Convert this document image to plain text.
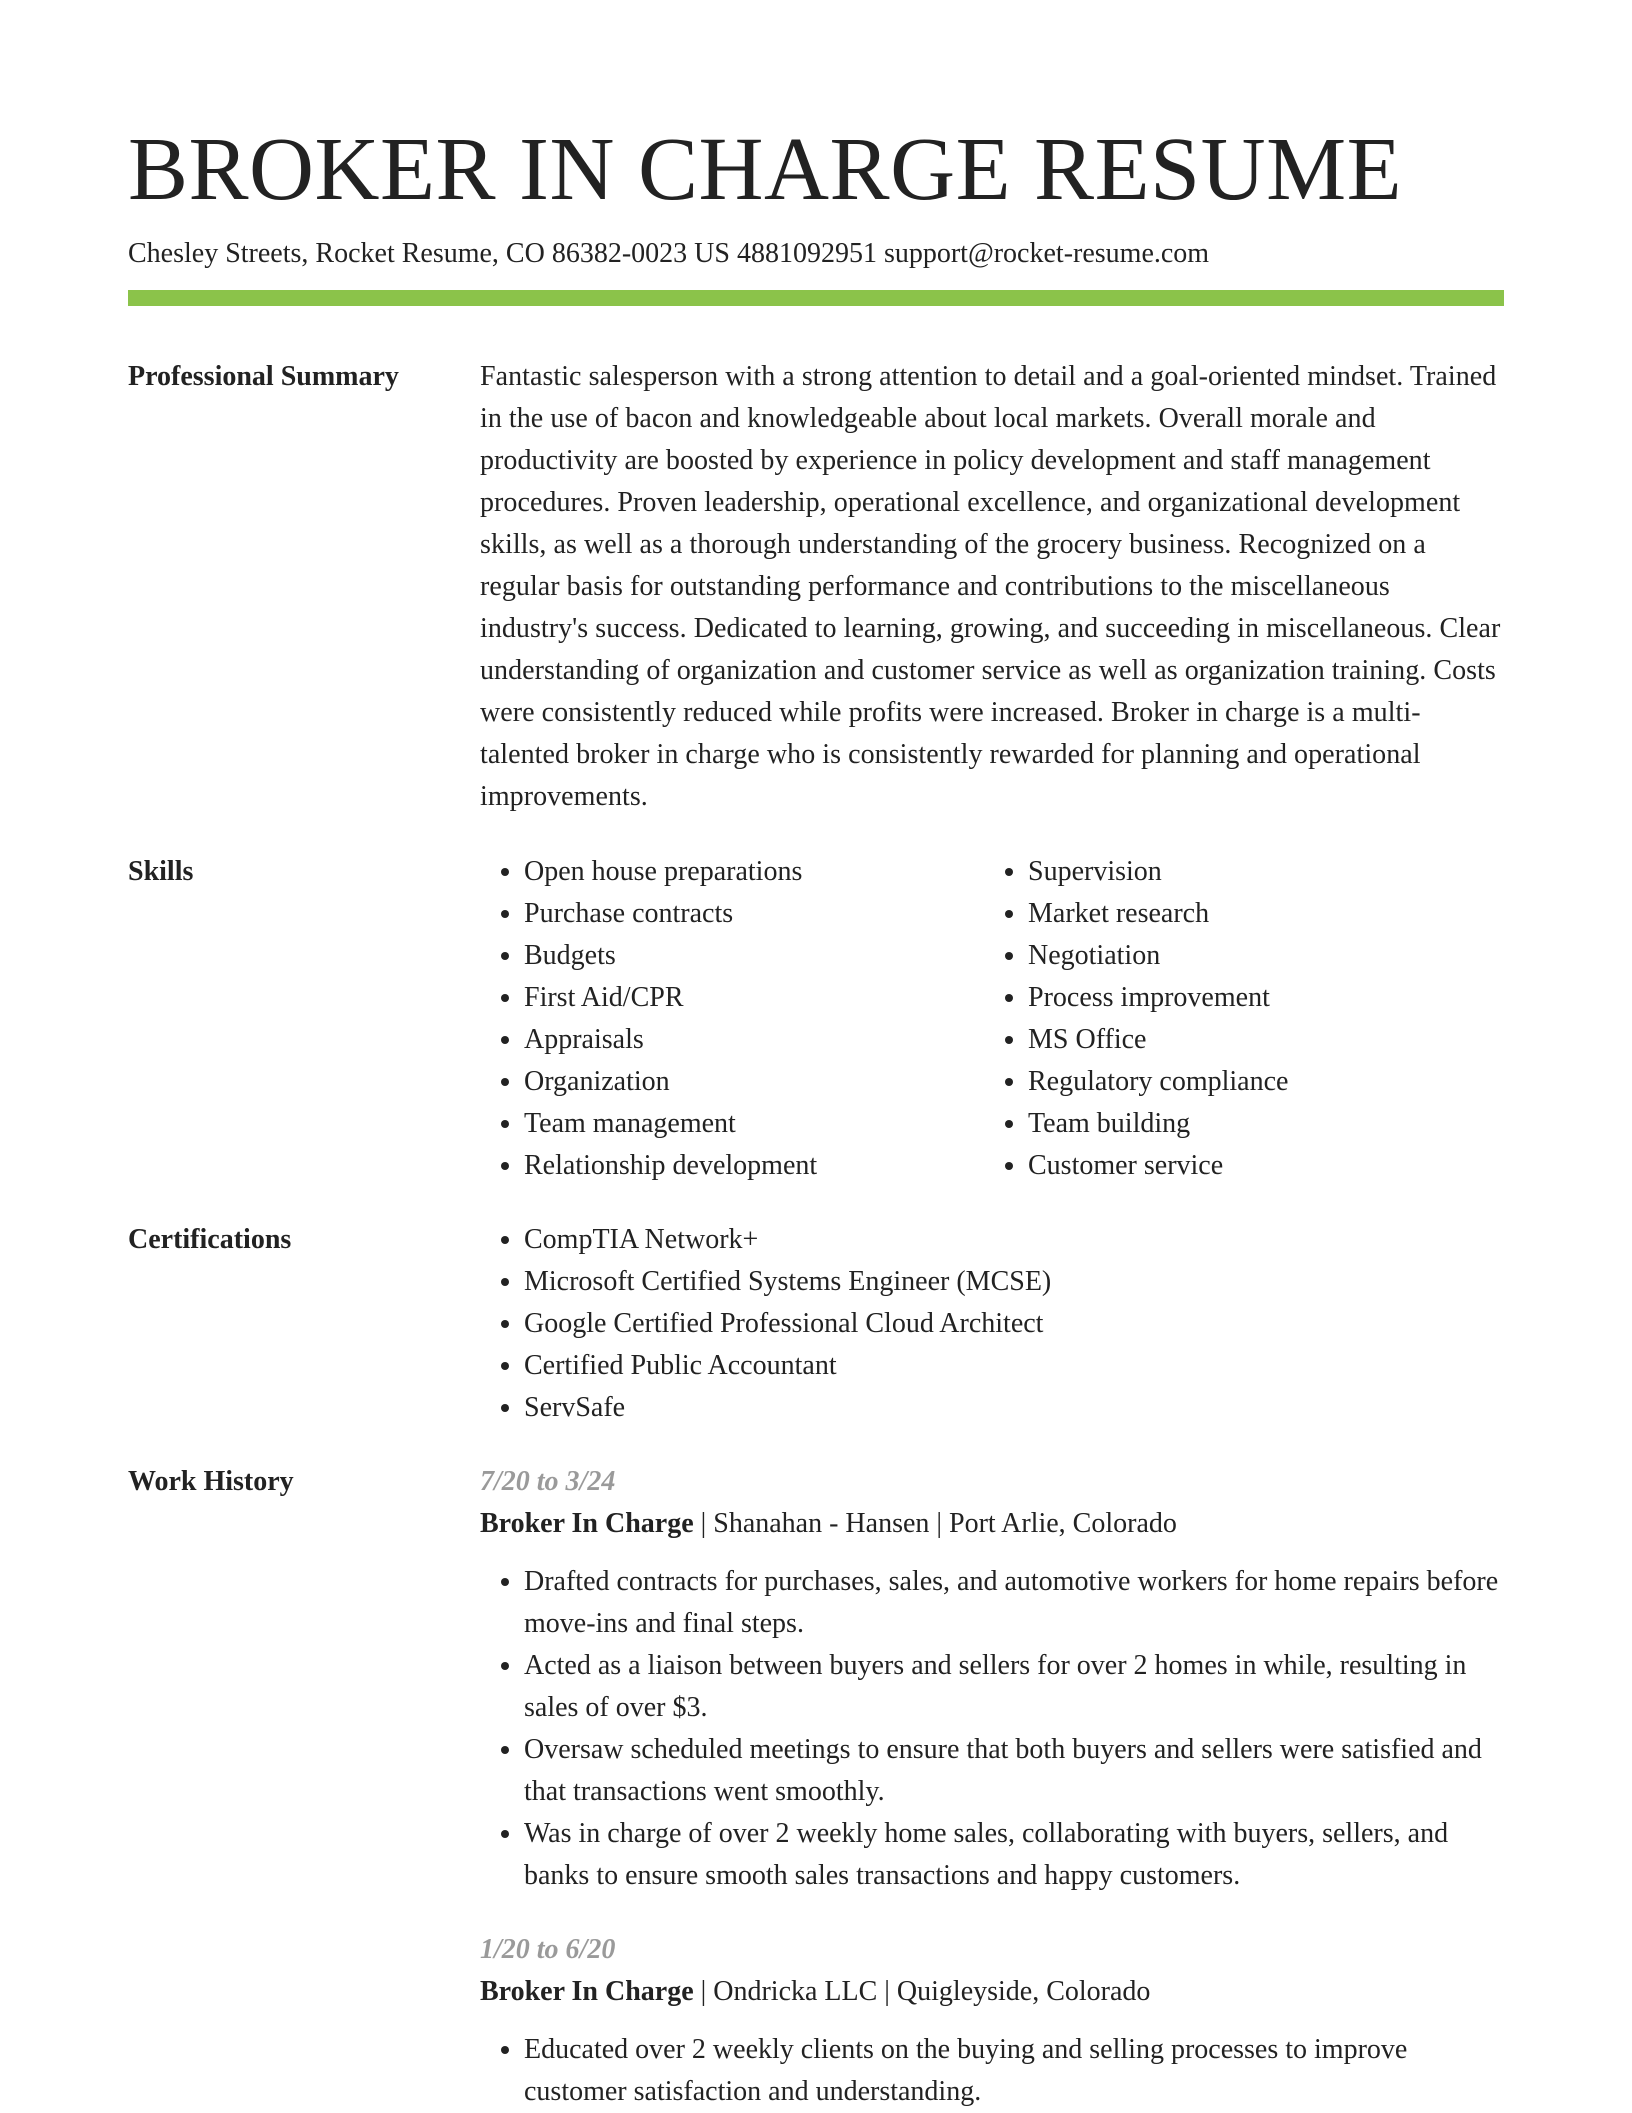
BROKER IN CHARGE RESUME
Chesley Streets, Rocket Resume, CO 86382-0023 US 4881092951 support@rocket-resume.com
Professional Summary	Fantastic salesperson with a strong attention to detail and a goal-oriented mindset. Trained in the use of bacon and knowledgeable about local markets. Overall morale and productivity are boosted by experience in policy development and staff management procedures. Proven leadership, operational excellence, and organizational development skills, as well as a thorough understanding of the grocery business. Recognized on a regular basis for outstanding performance and contributions to the miscellaneous industry's success. Dedicated to learning, growing, and succeeding in miscellaneous. Clear understanding of organization and customer service as well as organization training. Costs were consistently reduced while profits were increased. Broker in charge is a multi-talented broker in charge who is consistently rewarded for planning and operational improvements.

Skills	• Open house preparations
• Purchase contracts
• Budgets
• First Aid/CPR
• Appraisals
• Organization
• Team management
• Relationship development
• Supervision
• Market research
• Negotiation
• Process improvement
• MS Office
• Regulatory compliance
• Team building
• Customer service
Certifications	• CompTIA Network+
• Microsoft Certified Systems Engineer (MCSE)
• Google Certified Professional Cloud Architect
• Certified Public Accountant
• ServSafe
Work History	7/20 to 3/24
Broker In Charge | Shanahan - Hansen | Port Arlie, Colorado
• Drafted contracts for purchases, sales, and automotive workers for home repairs before move-ins and final steps.
• Acted as a liaison between buyers and sellers for over 2 homes in while, resulting in sales of over $3.
• Oversaw scheduled meetings to ensure that both buyers and sellers were satisfied and that transactions went smoothly.
• Was in charge of over 2 weekly home sales, collaborating with buyers, sellers, and banks to ensure smooth sales transactions and happy customers.
1/20 to 6/20
Broker In Charge | Ondricka LLC | Quigleyside, Colorado
• Educated over 2 weekly clients on the buying and selling processes to improve customer satisfaction and understanding.
